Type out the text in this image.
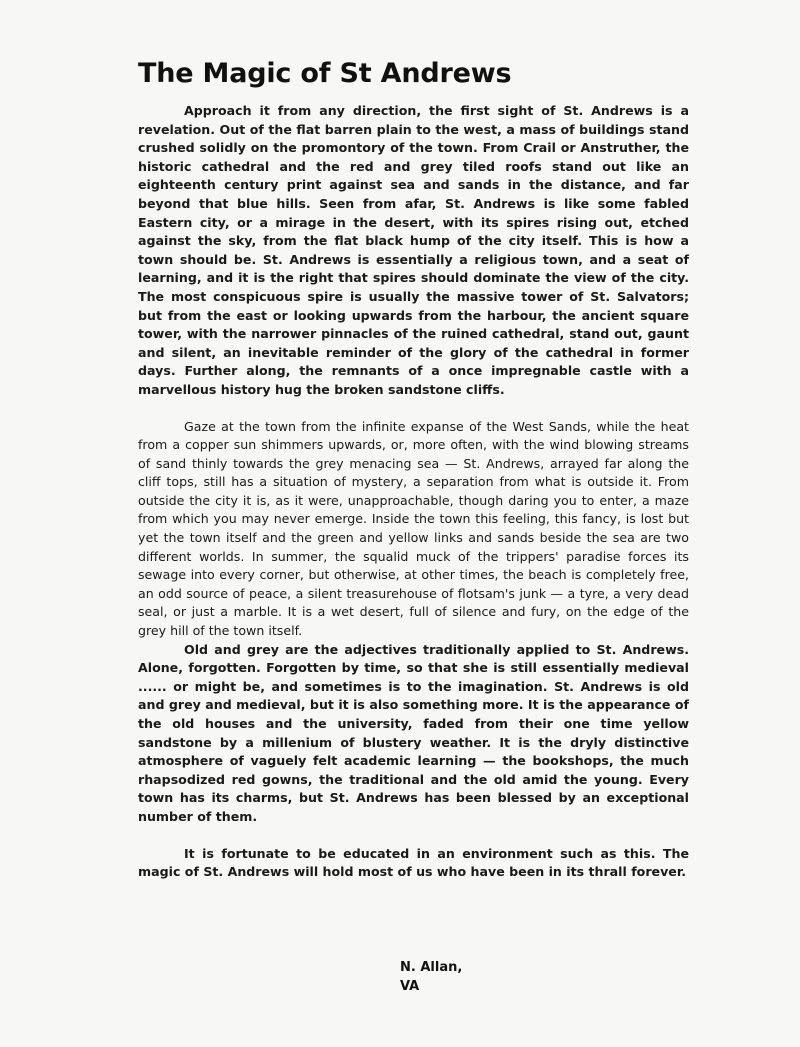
The Magic of St Andrews

Approach it from any direction, the first sight of St. Andrews is a revelation. Out of the flat barren plain to the west, a mass of buildings stand crushed solidly on the promontory of the town. From Crail or Anstruther, the historic cathedral and the red and grey tiled roofs stand out like an eighteenth century print against sea and sands in the distance, and far beyond that blue hills. Seen from afar, St. Andrews is like some fabled Eastern city, or a mirage in the desert, with its spires rising out, etched against the sky, from the flat black hump of the city itself. This is how a town should be. St. Andrews is essentially a religious town, and a seat of learning, and it is the right that spires should dominate the view of the city. The most conspicuous spire is usually the massive tower of St. Salvators; but from the east or looking upwards from the harbour, the ancient square tower, with the narrower pinnacles of the ruined cathedral, stand out, gaunt and silent, an inevitable reminder of the glory of the cathedral in former days. Further along, the remnants of a once impregnable castle with a marvellous history hug the broken sandstone cliffs.

Gaze at the town from the infinite expanse of the West Sands, while the heat from a copper sun shimmers upwards, or, more often, with the wind blowing streams of sand thinly towards the grey menacing sea — St. Andrews, arrayed far along the cliff tops, still has a situation of mystery, a separation from what is outside it. From outside the city it is, as it were, unapproachable, though daring you to enter, a maze from which you may never emerge. Inside the town this feeling, this fancy, is lost but yet the town itself and the green and yellow links and sands beside the sea are two different worlds. In summer, the squalid muck of the trippers' paradise forces its sewage into every corner, but otherwise, at other times, the beach is completely free, an odd source of peace, a silent treasurehouse of flotsam's junk — a tyre, a very dead seal, or just a marble. It is a wet desert, full of silence and fury, on the edge of the grey hill of the town itself.

Old and grey are the adjectives traditionally applied to St. Andrews. Alone, forgotten. Forgotten by time, so that she is still essentially medieval ...... or might be, and sometimes is to the imagination. St. Andrews is old and grey and medieval, but it is also something more. It is the appearance of the old houses and the university, faded from their one time yellow sandstone by a millenium of blustery weather. It is the dryly distinctive atmosphere of vaguely felt academic learning — the bookshops, the much rhapsodized red gowns, the traditional and the old amid the young. Every town has its charms, but St. Andrews has been blessed by an exceptional number of them.

It is fortunate to be educated in an environment such as this. The magic of St. Andrews will hold most of us who have been in its thrall forever.

N. Allan,
VA
